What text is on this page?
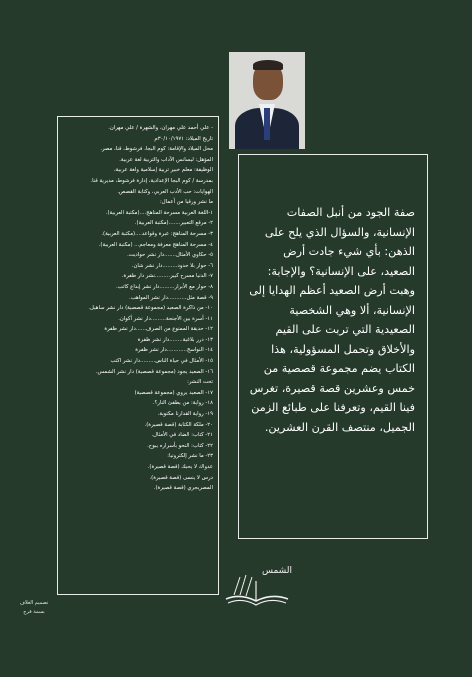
- علي أحمد علي مهران، والشهرة / علي مهران.
تاريخ الميلاد: ٣٠/١٠/١٩٧١م
محل الميلاد والإقامة: كوم البجا، فرشوط، قنا، مصر.
المؤهل: ليسانس الآداب والتربية لغة عربية.
الوظيفة: معلم خبير تربية إسلامية ولغة عربية،
بمدرسة / كوم البجا الإعدادية، إدارة فرشوط، مديرية قنا.
الهوايات: حب الأدب العربي، وكتابة القصص.
ما نشر ورقيا من أعمال:
١-اللغة العربية مسرحة المناهج....(مكتبة العربية).
٢- مرقع التعبير.......(مكتبة العربية).
٣- مسرحة المناهج: عبرة وقواعد....(مكتبة العربية).
٤- مسرحة المناهج معرفة ومعاجم... (مكتبة العربية).
٥- حكاوي الأمثال.......دار نشر حواديت.
٦- حوار بلا حدود.........دار نشر شان.
٧- الدنيا مسرح كبير.........نشر دار ظفرة.
٨- حوار مع الأبرار.........دار نشر إبداع كاتب.
٩- قصة مثل...........دار نشر المواهب.
١٠- من ذاكرة الصعيد (مجموعة قصصية) دار نشر ساهيل.
١١- أسرة بين الأجنحة.........دار نشر أكوان.
١٢- حديقة الممنوع من الصرف......دار نشر ظفرة
١٣- درر بلاغية........دار نشر ظفرة
١٤- النواسخ............دار نشر ظفرة
١٥- الأمثال في حياة الناس.........دار نشر اكتب
١٦- الصعيد يجود (مجموعة قصصية) دار نشر الشمس.
تحت النشر:
١٧- الصعيد يروي (مجموعة قصصية)
١٨- رواية: من يطفئ النار؟.
١٩- رواية القدارنا مكتوبة.
٢٠- ملكة الكتابة (قصة قصيرة).
٢١- كتاب: الضاد في الأمثال.
٢٢- كتاب: النحو بأسراره يبوح.
٢٣- ما نشر إلكترونيا:
عدواك لا يحبك (قصة قصيرة).
درس لا ينسى (قصة قصيرة).
المصريجري (قصة قصيرة).

صفة الجود من أنبل الصفات الإنسانية، والسؤال الذي يلح على الذهن: بأي شيء جادت أرض الصعيد، على الإنسانية؟ والإجابة: وهبت أرض الصعيد أعظم الهدايا إلى الإنسانية، ألا وهي الشخصية الصعيدية التي تربت على القيم والأخلاق وتحمل المسؤولية، هذا الكتاب يضم مجموعة قصصية من خمس وعشرين قصة قصيرة، تغرس فينا القيم، وتعرفنا على طبائع الزمن الجميل، منتصف القرن العشرين.

الشمس
تصميم الغلاف
بسمة فرج
